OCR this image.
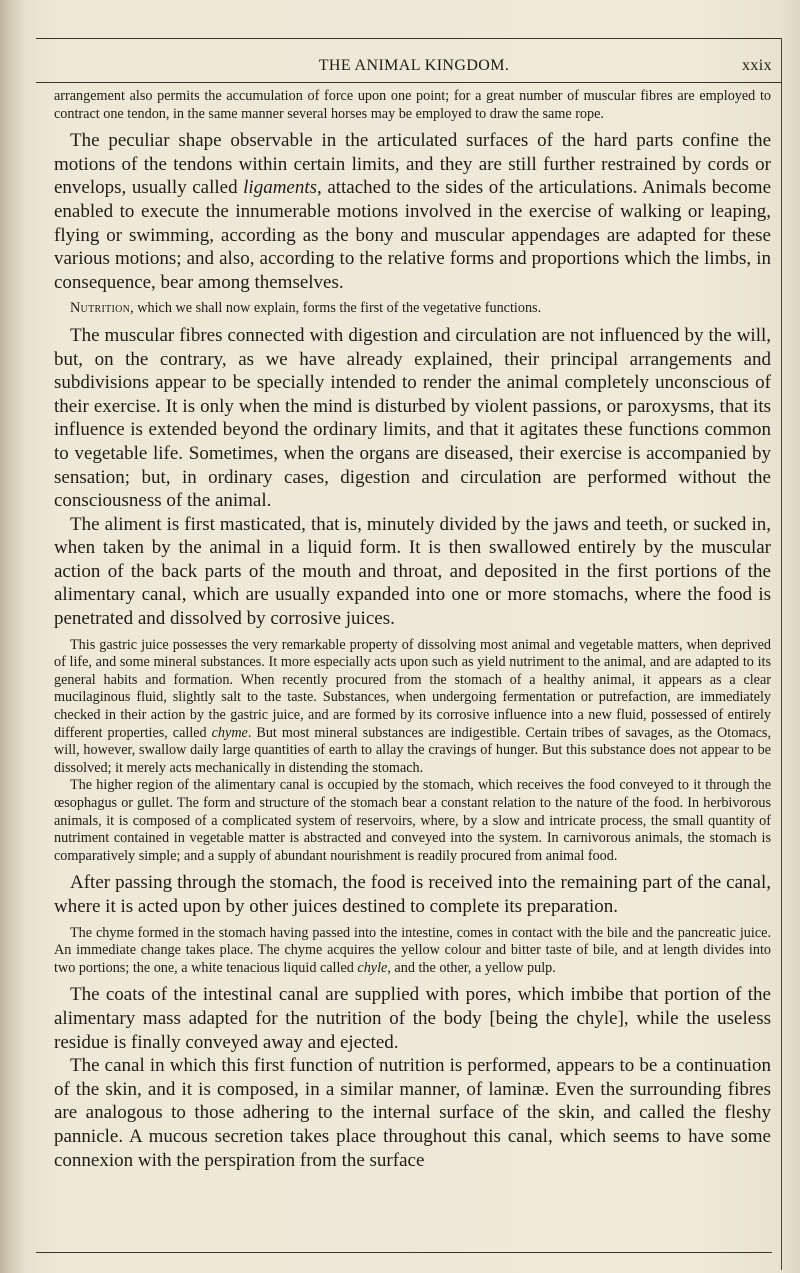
THE ANIMAL KINGDOM.	xxix

arrangement also permits the accumulation of force upon one point; for a great number of muscular fibres are employed to contract one tendon, in the same manner several horses may be employed to draw the same rope.

The peculiar shape observable in the articulated surfaces of the hard parts confine the motions of the tendons within certain limits, and they are still further restrained by cords or envelops, usually called ligaments, attached to the sides of the articulations. Animals become enabled to execute the innumerable motions involved in the exercise of walking or leaping, flying or swimming, according as the bony and muscular appendages are adapted for these various motions; and also, according to the relative forms and proportions which the limbs, in consequence, bear among themselves.

Nutrition, which we shall now explain, forms the first of the vegetative functions.

The muscular fibres connected with digestion and circulation are not influenced by the will, but, on the contrary, as we have already explained, their principal arrangements and subdivisions appear to be specially intended to render the animal completely unconscious of their exercise. It is only when the mind is disturbed by violent passions, or paroxysms, that its influence is extended beyond the ordinary limits, and that it agitates these functions common to vegetable life. Sometimes, when the organs are diseased, their exercise is accompanied by sensation; but, in ordinary cases, digestion and circulation are performed without the consciousness of the animal.

The aliment is first masticated, that is, minutely divided by the jaws and teeth, or sucked in, when taken by the animal in a liquid form. It is then swallowed entirely by the muscular action of the back parts of the mouth and throat, and deposited in the first portions of the alimentary canal, which are usually expanded into one or more stomachs, where the food is penetrated and dissolved by corrosive juices.

This gastric juice possesses the very remarkable property of dissolving most animal and vegetable matters, when deprived of life, and some mineral substances. It more especially acts upon such as yield nutriment to the animal, and are adapted to its general habits and formation. When recently procured from the stomach of a healthy animal, it appears as a clear mucilaginous fluid, slightly salt to the taste. Substances, when undergoing fermentation or putrefaction, are immediately checked in their action by the gastric juice, and are formed by its corrosive influence into a new fluid, possessed of entirely different properties, called chyme. But most mineral substances are indigestible. Certain tribes of savages, as the Otomacs, will, however, swallow daily large quantities of earth to allay the cravings of hunger. But this substance does not appear to be dissolved; it merely acts mechanically in distending the stomach.

The higher region of the alimentary canal is occupied by the stomach, which receives the food conveyed to it through the œsophagus or gullet. The form and structure of the stomach bear a constant relation to the nature of the food. In herbivorous animals, it is composed of a complicated system of reservoirs, where, by a slow and intricate process, the small quantity of nutriment contained in vegetable matter is abstracted and conveyed into the system. In carnivorous animals, the stomach is comparatively simple; and a supply of abundant nourishment is readily procured from animal food.

After passing through the stomach, the food is received into the remaining part of the canal, where it is acted upon by other juices destined to complete its preparation.

The chyme formed in the stomach having passed into the intestine, comes in contact with the bile and the pancreatic juice. An immediate change takes place. The chyme acquires the yellow colour and bitter taste of bile, and at length divides into two portions; the one, a white tenacious liquid called chyle, and the other, a yellow pulp.

The coats of the intestinal canal are supplied with pores, which imbibe that portion of the alimentary mass adapted for the nutrition of the body [being the chyle], while the useless residue is finally conveyed away and ejected.

The canal in which this first function of nutrition is performed, appears to be a continuation of the skin, and it is composed, in a similar manner, of laminæ. Even the surrounding fibres are analogous to those adhering to the internal surface of the skin, and called the fleshy pannicle. A mucous secretion takes place throughout this canal, which seems to have some connexion with the perspiration from the surface
